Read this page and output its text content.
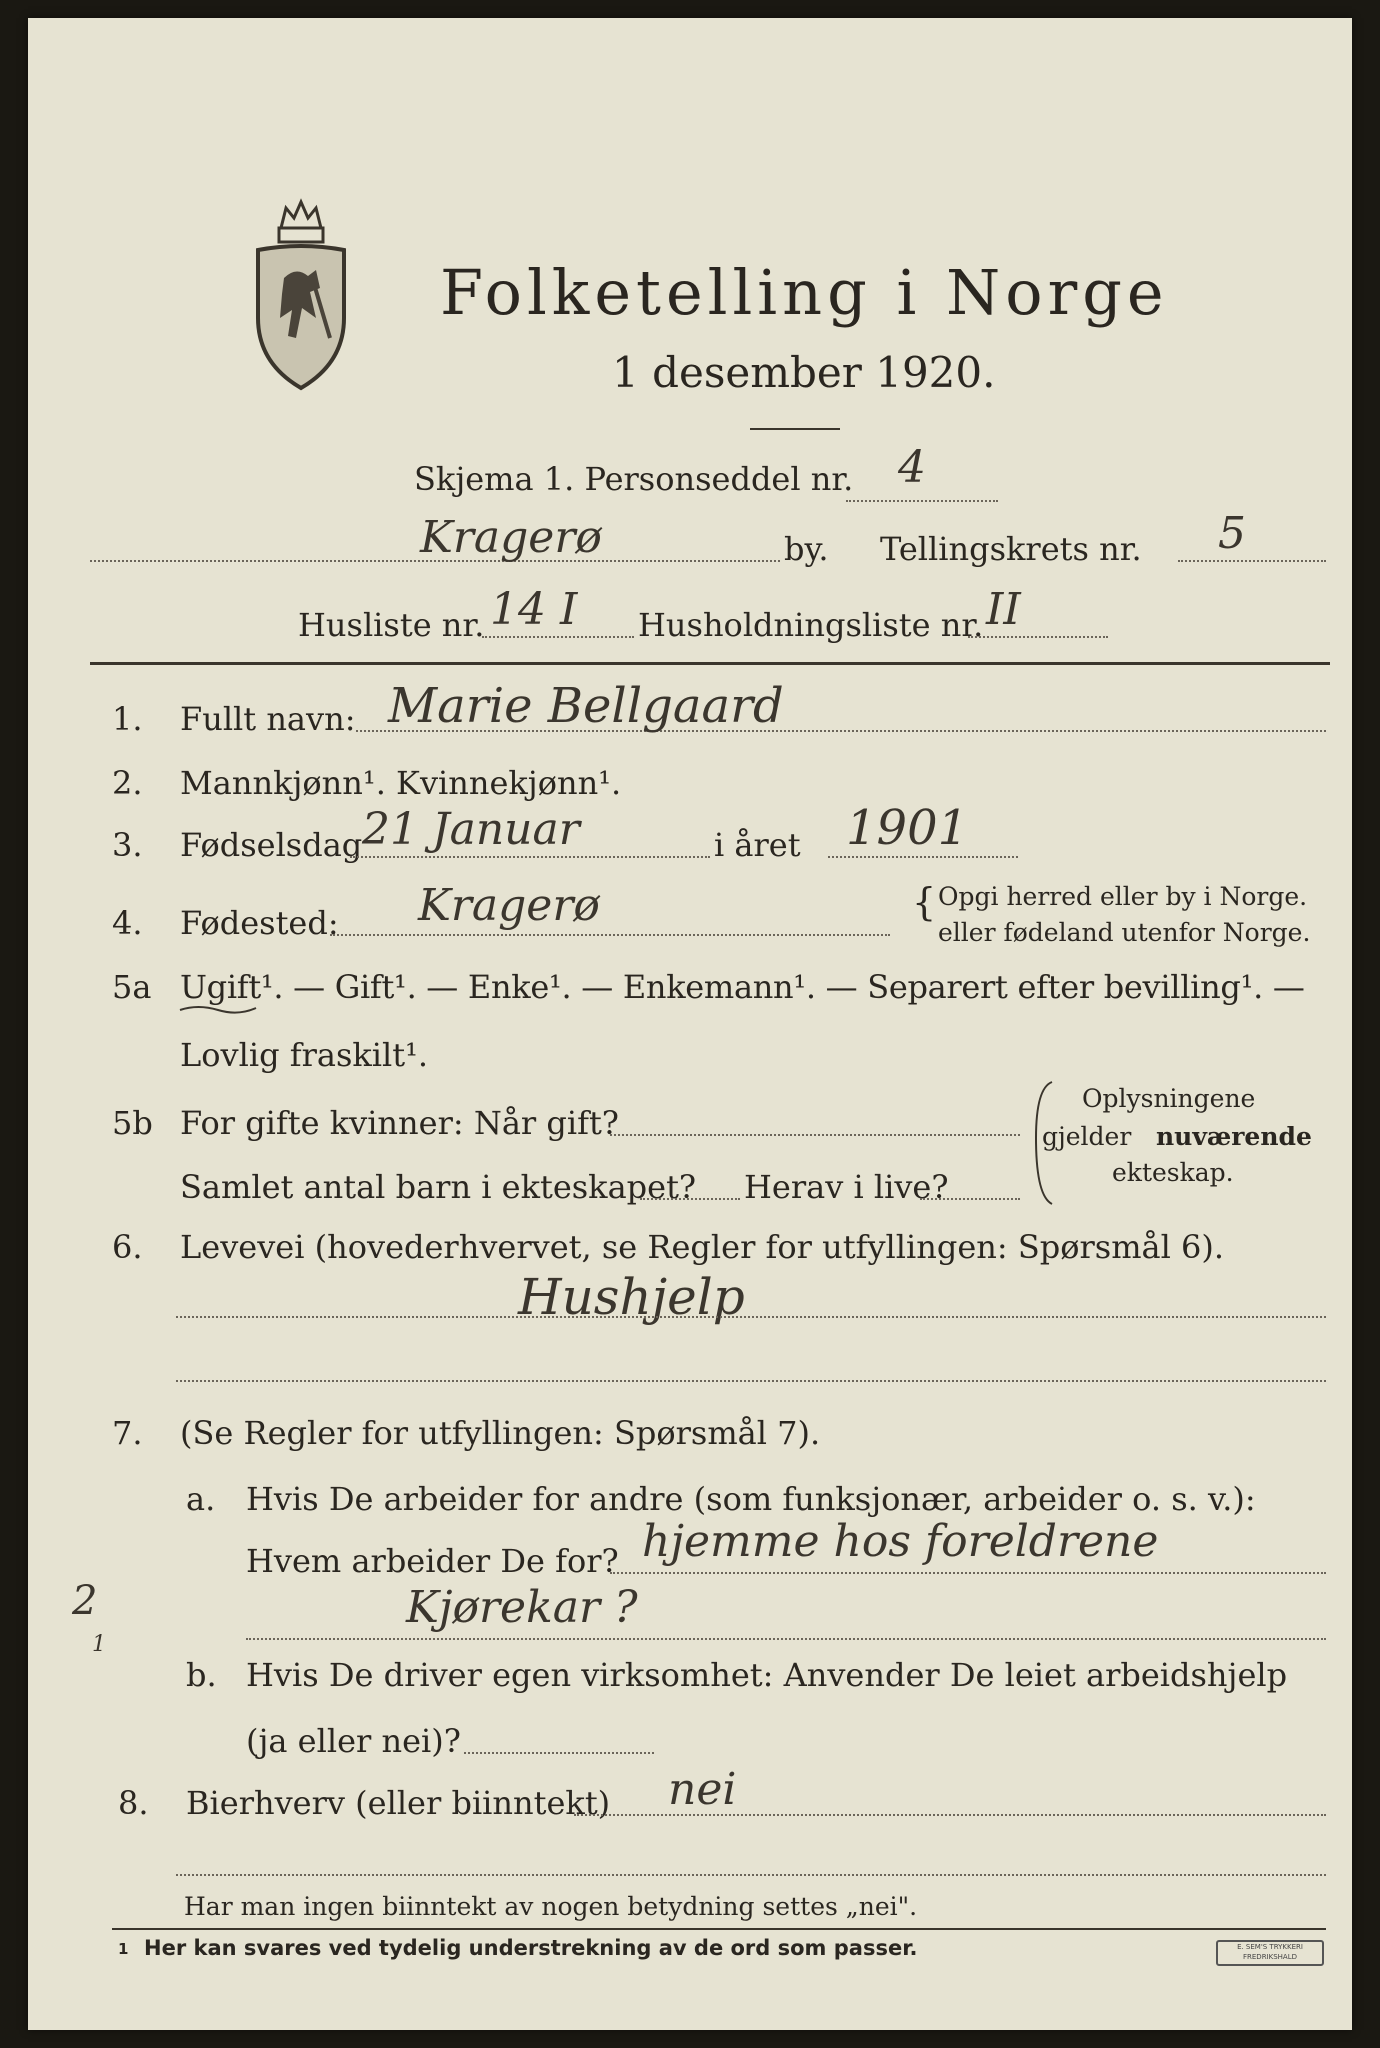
Folketelling i Norge
1 desember 1920.
Skjema 1. Personseddel nr. 4
Kragerø	by. Tellingskrets nr. 5
Husliste nr. 14 I Husholdningsliste nr. II
1. Fullt navn: Marie Bellgaard
2. Mannkjønn¹. Kvinnekjønn¹.
3. Fødselsdag 21 Januar	i året 1901
4. Fødested: Kragerø	{ Opgi herred eller by i Norge.
eller fødeland utenfor Norge.
5a Ugift¹. — Gift¹. — Enke¹. — Enkemann¹. — Separert efter bevilling¹. —
Lovlig fraskilt¹.
5b For gifte kvinner: Når gift?
Samlet antal barn i ekteskapet? Herav i live?
Oplysningene
gjelder nuværende
ekteskap.
6. Levevei (hovederhvervet, se Regler for utfyllingen: Spørsmål 6).
Hushjelp
7. (Se Regler for utfyllingen: Spørsmål 7).
a. Hvis De arbeider for andre (som funksjonær, arbeider o. s. v.):
Hvem arbeider De for? hjemme hos foreldrene
Kjørekar ?
2
1
b. Hvis De driver egen virksomhet: Anvender De leiet arbeidshjelp
(ja eller nei)?
8. Bierhverv (eller biinntekt) nei
Har man ingen biinntekt av nogen betydning settes „nei".
1 Her kan svares ved tydelig understrekning av de ord som passer.	E. SEM'S TRYKKERI FREDRIKSHALD
